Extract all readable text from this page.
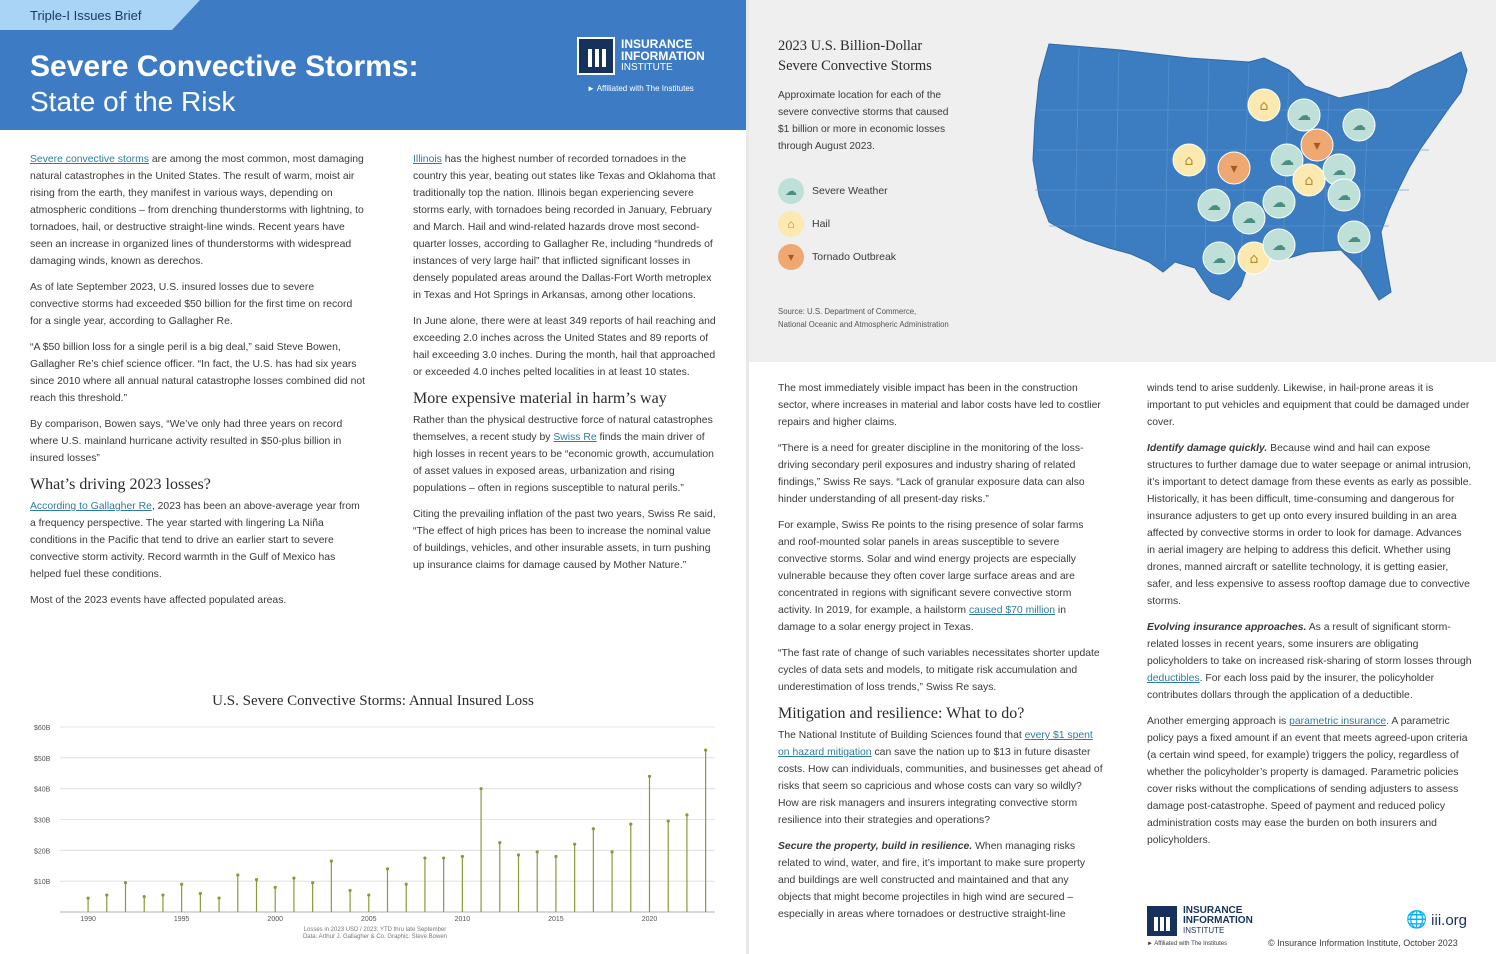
Triple-I Issues Brief
Severe Convective Storms:
State of the Risk
INSURANCE
INFORMATION
INSTITUTE
► Affiliated with The Institutes

Severe convective storms are among the most common, most damaging natural catastrophes in the United States. The result of warm, moist air rising from the earth, they manifest in various ways, depending on atmospheric conditions – from drenching thunderstorms with lightning, to tornadoes, hail, or destructive straight-line winds. Recent years have seen an increase in organized lines of thunderstorms with widespread damaging winds, known as derechos.

As of late September 2023, U.S. insured losses due to severe convective storms had exceeded $50 billion for the first time on record for a single year, according to Gallagher Re.

“A $50 billion loss for a single peril is a big deal,” said Steve Bowen, Gallagher Re’s chief science officer. “In fact, the U.S. has had six years since 2010 where all annual natural catastrophe losses combined did not reach this threshold.”

By comparison, Bowen says, “We’ve only had three years on record where U.S. mainland hurricane activity resulted in $50-plus billion in insured losses”

What’s driving 2023 losses?

According to Gallagher Re, 2023 has been an above-average year from a frequency perspective. The year started with lingering La Niña conditions in the Pacific that tend to drive an earlier start to severe convective storm activity. Record warmth in the Gulf of Mexico has helped fuel these conditions.

Most of the 2023 events have affected populated areas.

Illinois has the highest number of recorded tornadoes in the country this year, beating out states like Texas and Oklahoma that traditionally top the nation. Illinois began experiencing severe storms early, with tornadoes being recorded in January, February and March. Hail and wind-related hazards drove most second-quarter losses, according to Gallagher Re, including “hundreds of instances of very large hail” that inflicted significant losses in densely populated areas around the Dallas-Fort Worth metroplex in Texas and Hot Springs in Arkansas, among other locations.

In June alone, there were at least 349 reports of hail reaching and exceeding 2.0 inches across the United States and 89 reports of hail exceeding 3.0 inches. During the month, hail that approached or exceeded 4.0 inches pelted localities in at least 10 states.

More expensive material in harm’s way

Rather than the physical destructive force of natural catastrophes themselves, a recent study by Swiss Re finds the main driver of high losses in recent years to be “economic growth, accumulation of asset values in exposed areas, urbanization and rising populations – often in regions susceptible to natural perils.”

Citing the prevailing inflation of the past two years, Swiss Re said, “The effect of high prices has been to increase the nominal value of buildings, vehicles, and other insurable assets, in turn pushing up insurance claims for damage caused by Mother Nature.”

U.S. Severe Convective Storms: Annual Insured Loss
$10B
$20B
$30B
$40B
$50B
$60B
1990	1995	2000	2005	2010	2015	2020
Losses in 2023 USD / 2023: YTD thru late September
Data: Arthur J. Gallagher & Co. Graphic: Steve Bowen
2023 U.S. Billion-Dollar
Severe Convective Storms
Approximate location for each of the
severe convective storms that caused
$1 billion or more in economic losses
through August 2023.
☁	Severe Weather
⌂	Hail
▾	Tornado Outbreak
Source: U.S. Department of Commerce,
National Oceanic and Atmospheric Administration
☁
⌂
☁
▾
⌂	▾	☁
⌂
☁
☁
☁
☁	☁
☁ ⌂
☁	☁

The most immediately visible impact has been in the construction sector, where increases in material and labor costs have led to costlier repairs and higher claims.

“There is a need for greater discipline in the monitoring of the loss-driving secondary peril exposures and industry sharing of related findings,” Swiss Re says. “Lack of granular exposure data can also hinder understanding of all present-day risks.”

For example, Swiss Re points to the rising presence of solar farms and roof-mounted solar panels in areas susceptible to severe convective storms. Solar and wind energy projects are especially vulnerable because they often cover large surface areas and are concentrated in regions with significant severe convective storm activity. In 2019, for example, a hailstorm caused $70 million in damage to a solar energy project in Texas.

“The fast rate of change of such variables necessitates shorter update cycles of data sets and models, to mitigate risk accumulation and underestimation of loss trends,” Swiss Re says.

Mitigation and resilience: What to do?

The National Institute of Building Sciences found that every $1 spent on hazard mitigation can save the nation up to $13 in future disaster costs. How can individuals, communities, and businesses get ahead of risks that seem so capricious and whose costs can vary so wildly? How are risk managers and insurers integrating convective storm resilience into their strategies and operations?

Secure the property, build in resilience. When managing risks related to wind, water, and fire, it’s important to make sure property and buildings are well constructed and maintained and that any objects that might become projectiles in high wind are secured – especially in areas where tornadoes or destructive straight-line

winds tend to arise suddenly. Likewise, in hail-prone areas it is important to put vehicles and equipment that could be damaged under cover.

Identify damage quickly. Because wind and hail can expose structures to further damage due to water seepage or animal intrusion, it’s important to detect damage from these events as early as possible. Historically, it has been difficult, time-consuming and dangerous for insurance adjusters to get up onto every insured building in an area affected by convective storms in order to look for damage. Advances in aerial imagery are helping to address this deficit. Whether using drones, manned aircraft or satellite technology, it is getting easier, safer, and less expensive to assess rooftop damage due to convective storms.

Evolving insurance approaches. As a result of significant storm-related losses in recent years, some insurers are obligating policyholders to take on increased risk-sharing of storm losses through deductibles. For each loss paid by the insurer, the policyholder contributes dollars through the application of a deductible.

Another emerging approach is parametric insurance. A parametric policy pays a fixed amount if an event that meets agreed-upon criteria (a certain wind speed, for example) triggers the policy, regardless of whether the policyholder’s property is damaged. Parametric policies cover risks without the complications of sending adjusters to assess damage post-catastrophe. Speed of payment and reduced policy administration costs may ease the burden on both insurers and policyholders.

INSURANCE
INFORMATION
INSTITUTE
► Affiliated with The Institutes
🌐 iii.org
© Insurance Information Institute, October 2023
